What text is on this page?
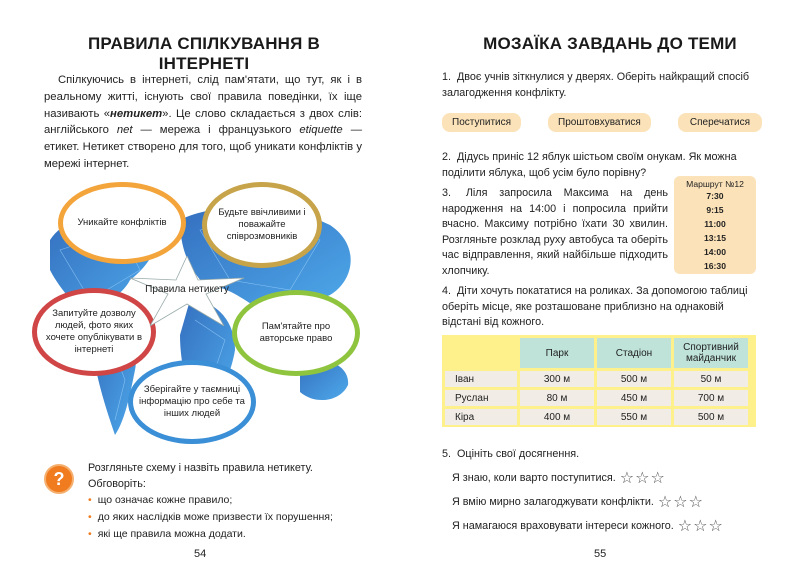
ПРАВИЛА СПІЛКУВАННЯ В ІНТЕРНЕТІ
Спілкуючись в інтернеті, слід пам'ятати, що тут, як і в реальному житті, існують свої правила поведінки, їх іще називають «нетикет». Це слово складається з двох слів: англійського net — мережа і французького etiquette — етикет. Нетикет створено для того, щоб уникати конфліктів у мережі інтернет.
Уникайте конфліктів
Будьте ввічливими і поважайте співрозмовників
Пам'ятайте про авторське право
Зберігайте у таємниці інформацію про себе та інших людей
Запитуйте дозволу людей, фото яких хочете опублікувати в інтернеті
Правила нетикету
?
Розгляньте схему і назвіть правила нетикету.
Обговоріть:
• що означає кожне правило;
• до яких наслідків може призвести їх порушення;
• які ще правила можна додати.
54
МОЗАЇКА ЗАВДАНЬ ДО ТЕМИ
1. Двоє учнів зіткнулися у дверях. Оберіть найкращий спосіб залагодження конфлікту.
Поступитися	Проштовхуватися	Сперечатися
2. Дідусь приніс 12 яблук шістьом своїм онукам. Як можна поділити яблука, щоб усім було порівну?
3. Ліля запросила Максима на день народження на 14:00 і попросила прийти вчасно. Максиму потрібно їхати 30 хвилин. Розгляньте розклад руху автобуса та оберіть час відправлення, який найбільше підходить хлопчику.
Маршрут №12
7:30
9:15
11:00
13:15
14:00
16:30
4. Діти хочуть покататися на роликах. За допомогою таблиці оберіть місце, яке розташоване приблизно на однаковій відстані від кожного.
	Парк	Стадіон	Спортивний майданчик
Іван	300 м	500 м	50 м
Руслан	80 м	450 м	700 м
Кіра	400 м	550 м	500 м
5. Оцініть свої досягнення.
Я знаю, коли варто поступитися. ☆☆☆
Я вмію мирно залагоджувати конфлікти. ☆☆☆
Я намагаюся враховувати інтереси кожного. ☆☆☆
55
